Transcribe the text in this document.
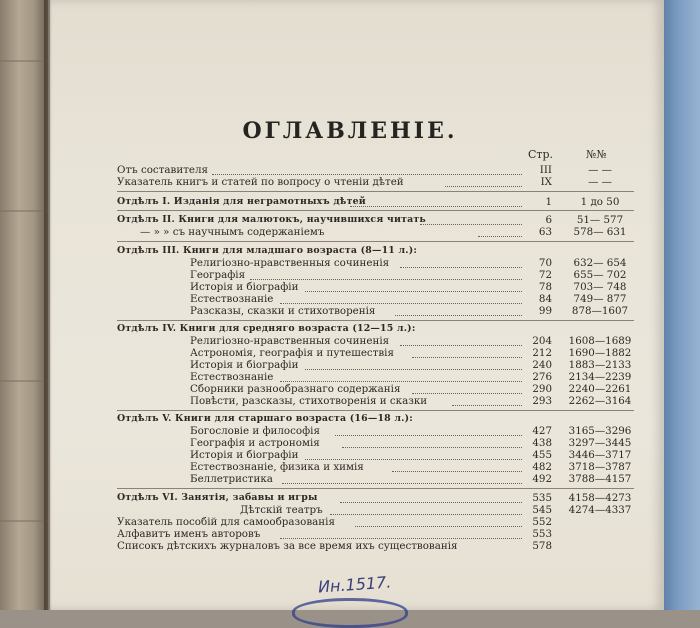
ОГЛАВЛЕНІЕ.
Стр.	№№
Отъ составителя	III	— —
Указатель книгъ и статей по вопросу о чтеніи дѣтей	IX	— —
Отдѣлъ I. Изданія для неграмотныхъ дѣтей	1	1 до 50
Отдѣлъ II. Книги для малютокъ, научившихся читать	6	51— 577
— » » съ научнымъ содержаніемъ	63	578— 631
Отдѣлъ III. Книги для младшаго возраста (8—11 л.):
Религіозно-нравственныя сочиненія	70	632— 654
Географія	72	655— 702
Исторія и біографіи	78	703— 748
Естествознаніе	84	749— 877
Разсказы, сказки и стихотворенія	99	878—1607
Отдѣлъ IV. Книги для средняго возраста (12—15 л.):
Религіозно-нравственныя сочиненія	204 1608—1689
Астрономія, географія и путешествія	212 1690—1882
Исторія и біографіи	240 1883—2133
Естествознаніе	276 2134—2239
Сборники разнообразнаго содержанія	290 2240—2261
Повѣсти, разсказы, стихотворенія и сказки	293 2262—3164
Отдѣлъ V. Книги для старшаго возраста (16—18 л.):
Богословіе и философія	427 3165—3296
Географія и астрономія	438 3297—3445
Исторія и біографіи	455 3446—3717
Естествознаніе, физика и химія	482 3718—3787
Беллетристика	492 3788—4157
Отдѣлъ VI. Занятія, забавы и игры	535 4158—4273
Дѣтскій театръ	545 4274—4337
Указатель пособій для самообразованія	552
Алфавитъ именъ авторовъ	553
Списокъ дѣтскихъ журналовъ за все время ихъ существованія	578
Ин.1517.
